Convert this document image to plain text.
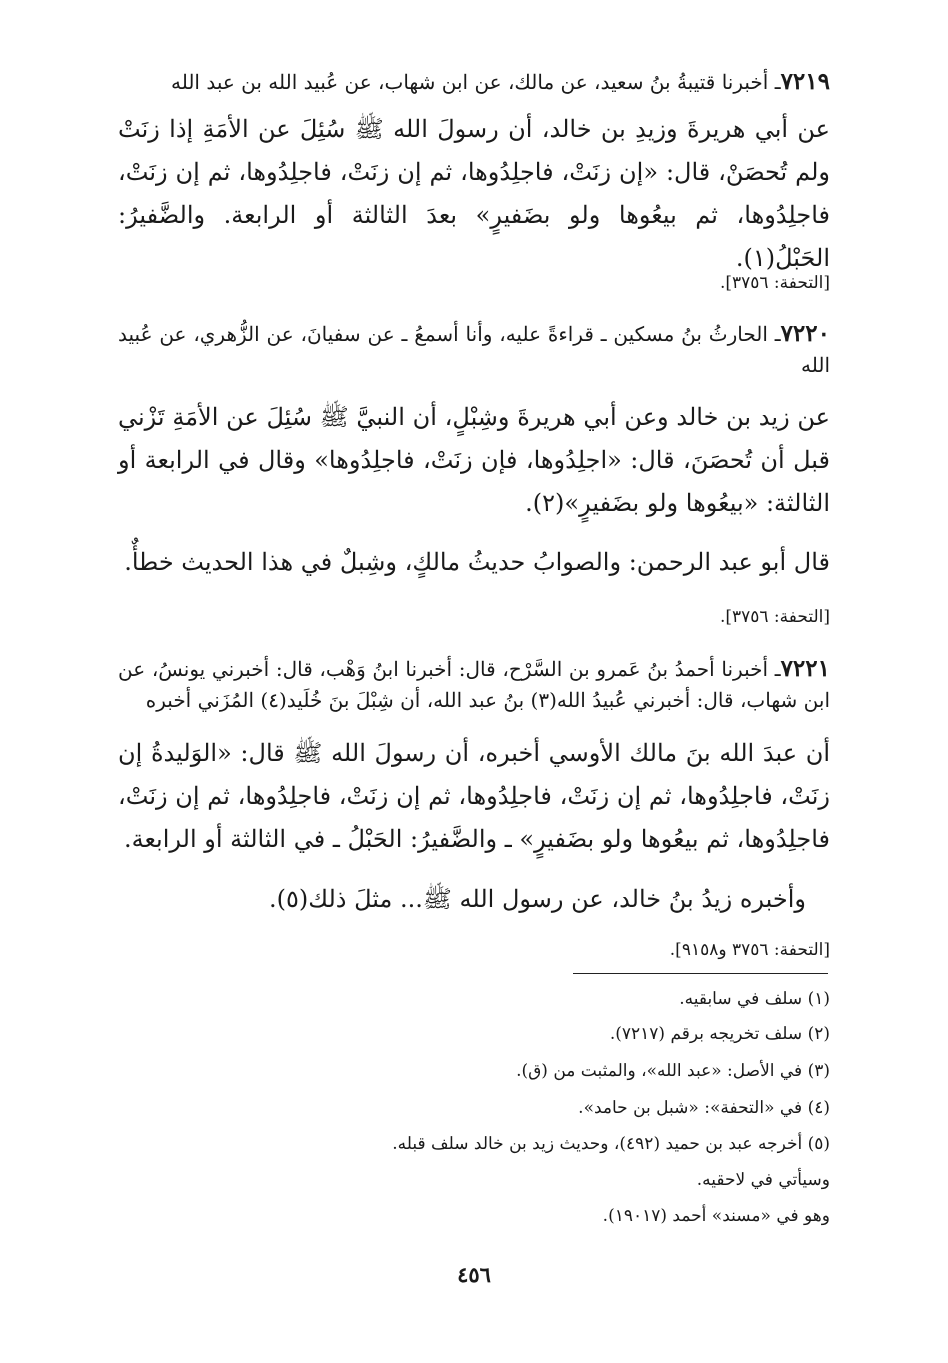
٧٢١٩ـ أخبرنا قتيبةُ بنُ سعيد، عن مالك، عن ابن شهاب، عن عُبيد الله بن عبد الله
عن أبي هريرةَ وزيدِ بن خالد، أن رسولَ الله ﷺ سُئِلَ عن الأمَةِ إذا زنَتْ ولم تُحصَنْ، قال: «إن زنَتْ، فاجلِدُوها، ثم إن زنَتْ، فاجلِدُوها، ثم إن زنَتْ، فاجلِدُوها، ثم بيعُوها ولو بضَفيرٍ» بعدَ الثالثة أو الرابعة. والضَّفيرُ: الحَبْلُ(١).
[التحفة: ٣٧٥٦].
٧٢٢٠ـ الحارثُ بنُ مسكين ـ قراءةً عليه، وأنا أسمعُ ـ عن سفيانَ، عن الزُّهري، عن عُبيد الله
عن زيد بن خالد وعن أبي هريرةَ وشِبْلٍ، أن النبيَّ ﷺ سُئِلَ عن الأمَةِ تَزْني قبل أن تُحصَنَ، قال: «اجلِدُوها، فإن زنَتْ، فاجلِدُوها» وقال في الرابعة أو الثالثة: «بيعُوها ولو بضَفيرٍ»(٢).
قال أبو عبد الرحمن: والصوابُ حديثُ مالكٍ، وشِبلٌ في هذا الحديث خطأٌ.
[التحفة: ٣٧٥٦].
٧٢٢١ـ أخبرنا أحمدُ بنُ عَمرو بن السَّرْح، قال: أخبرنا ابنُ وَهْب، قال: أخبرني يونسُ، عن ابن شهاب، قال: أخبرني عُبيدُ الله(٣) بنُ عبد الله، أن شِبْلَ بنَ خُلَيد(٤) المُزَني أخبره
أن عبدَ الله بنَ مالك الأوسي أخبره، أن رسولَ الله ﷺ قال: «الوَليدةُ إن زنَتْ، فاجلِدُوها، ثم إن زنَتْ، فاجلِدُوها، ثم إن زنَتْ، فاجلِدُوها، ثم إن زنَتْ، فاجلِدُوها، ثم بيعُوها ولو بضَفيرٍ» ـ والضَّفيرُ: الحَبْلُ ـ في الثالثة أو الرابعة.
وأخبره زيدُ بنُ خالد، عن رسول الله ﷺ... مثلَ ذلك(٥).
[التحفة: ٣٧٥٦ و٩١٥٨].
(١) سلف في سابقيه.
(٢) سلف تخريجه برقم (٧٢١٧).
(٣) في الأصل: «عبد الله»، والمثبت من (ق).
(٤) في «التحفة»: «شبل بن حامد».
(٥) أخرجه عبد بن حميد (٤٩٢)، وحديث زيد بن خالد سلف قبله.
وسيأتي في لاحقيه.
وهو في «مسند» أحمد (١٩٠١٧).
٤٥٦
